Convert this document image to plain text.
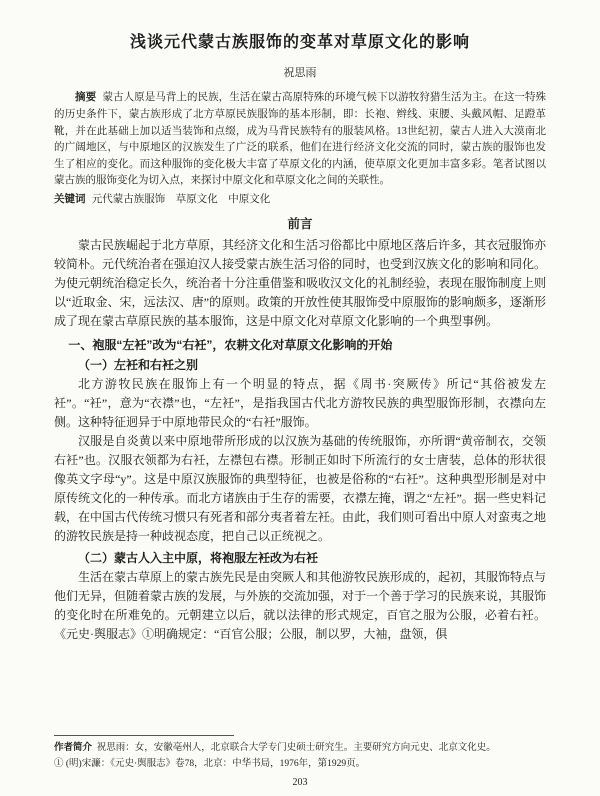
浅谈元代蒙古族服饰的变革对草原文化的影响
祝思雨

摘要 蒙古人原是马背上的民族，生活在蒙古高原特殊的环境气候下以游牧狩猎生活为主。在这一特殊的历史条件下，蒙古族形成了北方草原民族服饰的基本形制，即：长袍、辫线、束腰、头戴风帽、足蹬革靴，并在此基础上加以适当装饰和点缀，成为马背民族特有的服装风格。13世纪初，蒙古人进入大漠南北的广阔地区，与中原地区的汉族发生了广泛的联系，他们在进行经济文化交流的同时，蒙古族的服饰也发生了相应的变化。而这种服饰的变化极大丰富了草原文化的内涵，使草原文化更加丰富多彩。笔者试图以蒙古族的服饰变化为切入点，来探讨中原文化和草原文化之间的关联性。

关键词 元代蒙古族服饰　草原文化　中原文化

前言

蒙古民族崛起于北方草原，其经济文化和生活习俗都比中原地区落后许多，其衣冠服饰亦较简朴。元代统治者在强迫汉人接受蒙古族生活习俗的同时，也受到汉族文化的影响和同化。为使元朝统治稳定长久，统治者十分注重借鉴和吸收汉文化的礼制经验，表现在服饰制度上则以“近取金、宋，远法汉、唐”的原则。政策的开放性使其服饰受中原服饰的影响颇多，逐渐形成了现在蒙古草原民族的基本服饰，这是中原文化对草原文化影响的一个典型事例。

一、袍服“左衽”改为“右衽”，农耕文化对草原文化影响的开始
（一）左衽和右衽之别

北方游牧民族在服饰上有一个明显的特点，据《周书·突厥传》所记“其俗被发左衽”。“衽”，意为“衣襟”也，“左衽”，是指我国古代北方游牧民族的典型服饰形制，衣襟向左侧。这种特征迥异于中原地带民众的“右衽”服饰。

汉服是自炎黄以来中原地带所形成的以汉族为基础的传统服饰，亦所谓“黄帝制衣，交领右衽”也。汉服衣领都为右衽，左襟包右襟。形制正如时下所流行的女士唐装，总体的形状很像英文字母“y”。这是中原汉族服饰的典型特征，也被是俗称的“右衽”。这种典型形制是对中原传统文化的一种传承。而北方诸族由于生存的需要，衣襟左掩，谓之“左衽”。据一些史料记载，在中国古代传统习惯只有死者和部分夷者着左衽。由此，我们则可看出中原人对蛮夷之地的游牧民族是持一种歧视态度，把自己以正统视之。

（二）蒙古人入主中原，将袍服左衽改为右衽

生活在蒙古草原上的蒙古族先民是由突厥人和其他游牧民族形成的，起初，其服饰特点与他们无异，但随着蒙古族的发展，与外族的交流加强，对于一个善于学习的民族来说，其服饰的变化时在所难免的。元朝建立以后，就以法律的形式规定，百官之服为公服，必着右衽。《元史·舆服志》①明确规定：“百官公服；公服，制以罗，大袖，盘领，俱

作者简介 祝思雨：女，安徽亳州人，北京联合大学专门史硕士研究生。主要研究方向元史、北京文化史。

① (明)宋濂：《元史·舆服志》卷78，北京：中华书局，1976年，第1929页。

203
